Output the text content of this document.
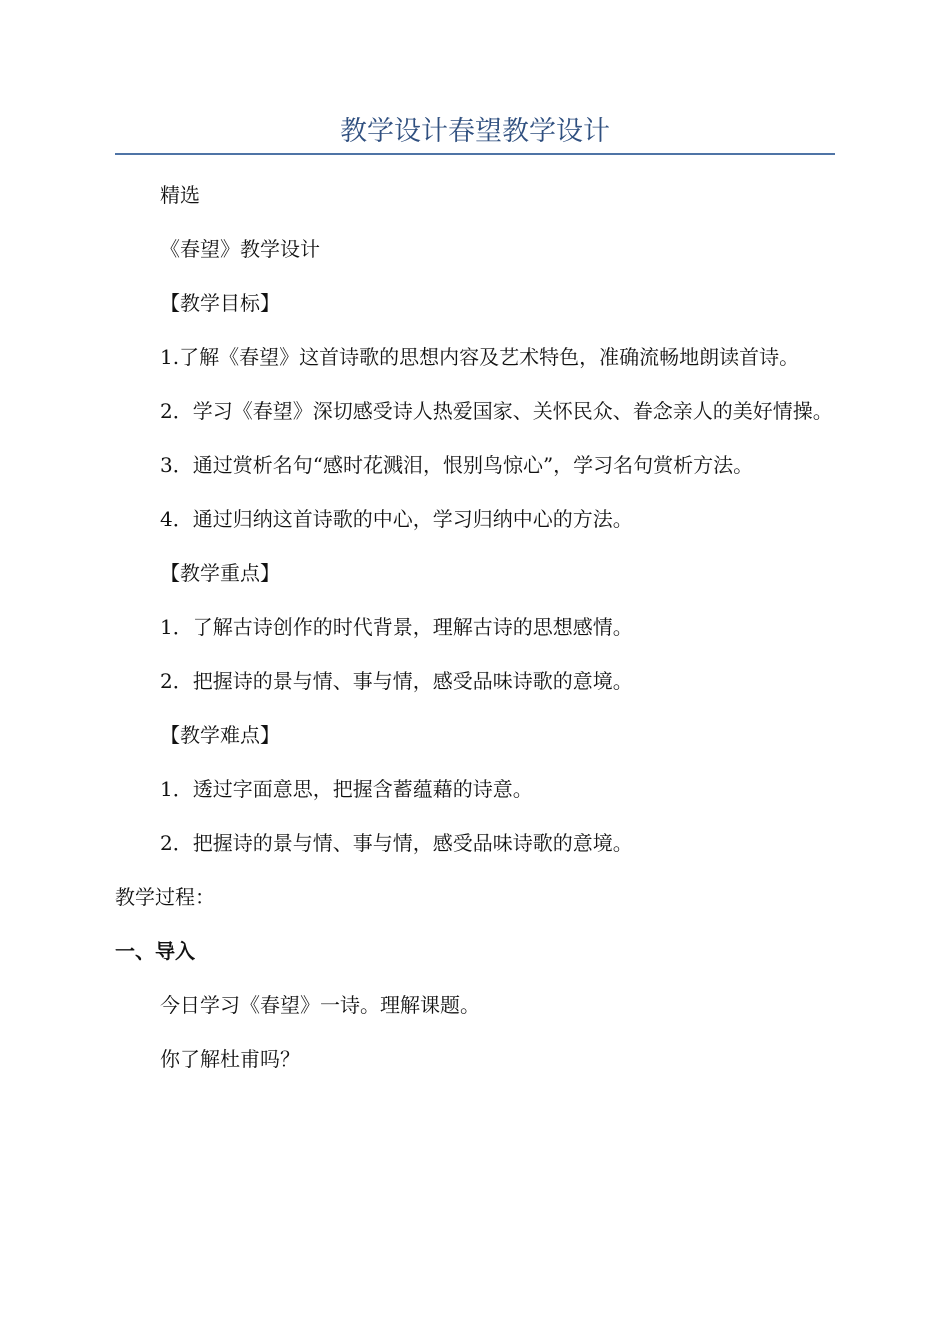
教学设计春望教学设计

精选

《春望》教学设计

【教学目标】

1.了解《春望》这首诗歌的思想内容及艺术特色，准确流畅地朗读首诗。

2．学习《春望》深切感受诗人热爱国家、关怀民众、眷念亲人的美好情操。

3．通过赏析名句“感时花溅泪，恨别鸟惊心”，学习名句赏析方法。

4．通过归纳这首诗歌的中心，学习归纳中心的方法。

【教学重点】

1．了解古诗创作的时代背景，理解古诗的思想感情。

2．把握诗的景与情、事与情，感受品味诗歌的意境。

【教学难点】

1．透过字面意思，把握含蓄蕴藉的诗意。

2．把握诗的景与情、事与情，感受品味诗歌的意境。

教学过程：

一、导入

今日学习《春望》一诗。理解课题。

你了解杜甫吗？
